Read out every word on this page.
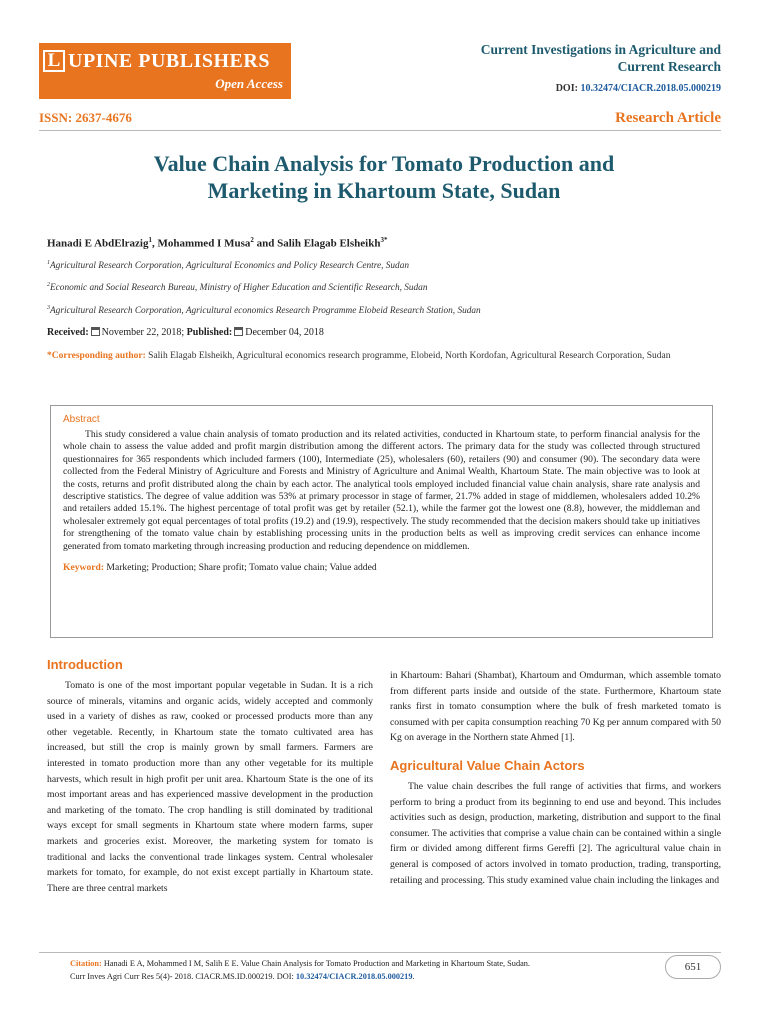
L UPINE PUBLISHERS
Open Access
Current Investigations in Agriculture and
Current Research
DOI: 10.32474/CIACR.2018.05.000219
ISSN: 2637-4676	Research Article
Value Chain Analysis for Tomato Production and
Marketing in Khartoum State, Sudan
Hanadi E AbdElrazig$^1$, Mohammed I Musa$^2$ and Salih Elagab Elsheikh$^{3*}$
$^1$Agricultural Research Corporation, Agricultural Economics and Policy Research Centre, Sudan
$^2$Economic and Social Research Bureau, Ministry of Higher Education and Scientific Research, Sudan
$^3$Agricultural Research Corporation, Agricultural economics Research Programme Elobeid Research Station, Sudan
Received: November 22, 2018; Published: December 04, 2018
*Corresponding author: Salih Elagab Elsheikh, Agricultural economics research programme, Elobeid, North Kordofan, Agricultural Research Corporation, Sudan
Abstract

This study considered a value chain analysis of tomato production and its related activities, conducted in Khartoum state, to perform financial analysis for the whole chain to assess the value added and profit margin distribution among the different actors. The primary data for the study was collected through structured questionnaires for 365 respondents which included farmers (100), Intermediate (25), wholesalers (60), retailers (90) and consumer (90). The secondary data were collected from the Federal Ministry of Agriculture and Forests and Ministry of Agriculture and Animal Wealth, Khartoum State. The main objective was to look at the costs, returns and profit distributed along the chain by each actor. The analytical tools employed included financial value chain analysis, share rate analysis and descriptive statistics. The degree of value addition was 53% at primary processor in stage of farmer, 21.7% added in stage of middlemen, wholesalers added 10.2% and retailers added 15.1%. The highest percentage of total profit was get by retailer (52.1), while the farmer got the lowest one (8.8), however, the middleman and wholesaler extremely got equal percentages of total profits (19.2) and (19.9), respectively. The study recommended that the decision makers should take up initiatives for strengthening of the tomato value chain by establishing processing units in the production belts as well as improving credit services can enhance income generated from tomato marketing through increasing production and reducing dependence on middlemen.

Keyword: Marketing; Production; Share profit; Tomato value chain; Value added
Introduction

Tomato is one of the most important popular vegetable in Sudan. It is a rich source of minerals, vitamins and organic acids, widely accepted and commonly used in a variety of dishes as raw, cooked or processed products more than any other vegetable. Recently, in Khartoum state the tomato cultivated area has increased, but still the crop is mainly grown by small farmers. Farmers are interested in tomato production more than any other vegetable for its multiple harvests, which result in high profit per unit area. Khartoum State is the one of its most important areas and has experienced massive development in the production and marketing of the tomato. The crop handling is still dominated by traditional ways except for small segments in Khartoum state where modern farms, super markets and groceries exist. Moreover, the marketing system for tomato is traditional and lacks the conventional trade linkages system. Central wholesaler markets for tomato, for example, do not exist except partially in Khartoum state. There are three central markets

in Khartoum: Bahari (Shambat), Khartoum and Omdurman, which assemble tomato from different parts inside and outside of the state. Furthermore, Khartoum state ranks first in tomato consumption where the bulk of fresh marketed tomato is consumed with per capita consumption reaching 70 Kg per annum compared with 50 Kg on average in the Northern state Ahmed [1].

Agricultural Value Chain Actors

The value chain describes the full range of activities that firms, and workers perform to bring a product from its beginning to end use and beyond. This includes activities such as design, production, marketing, distribution and support to the final consumer. The activities that comprise a value chain can be contained within a single firm or divided among different firms Gereffi [2]. The agricultural value chain in general is composed of actors involved in tomato production, trading, transporting, retailing and processing. This study examined value chain including the linkages and

Citation: Hanadi E A, Mohammed I M, Salih E E. Value Chain Analysis for Tomato Production and Marketing in Khartoum State, Sudan.
Curr Inves Agri Curr Res 5(4)- 2018. CIACR.MS.ID.000219. DOI: 10.32474/CIACR.2018.05.000219.
651
